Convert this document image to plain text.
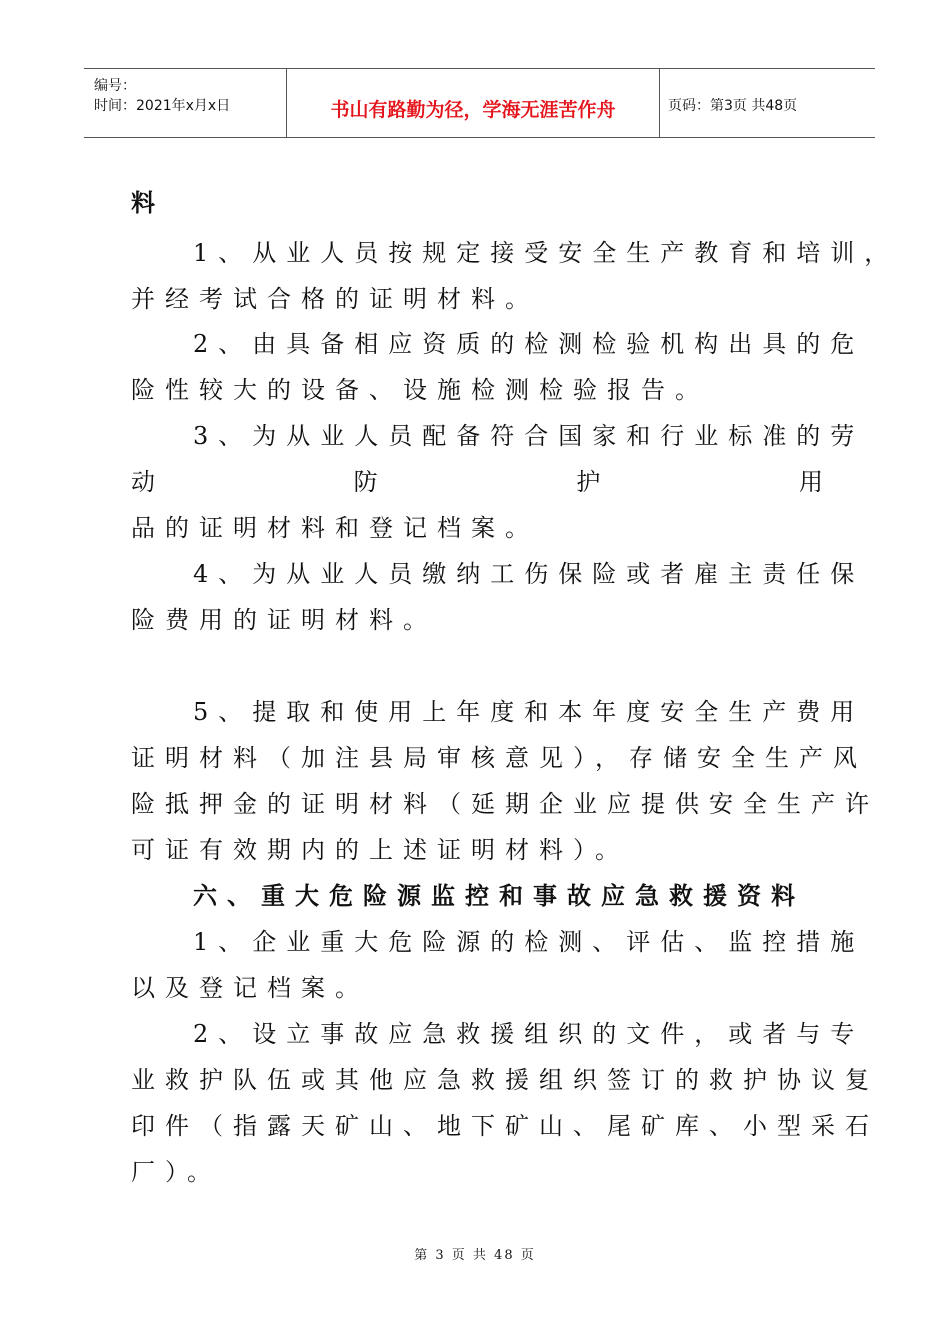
编号：
时间：2021年x月x日	书山有路勤为径，学海无涯苦作舟	页码：第3页 共48页
料
1、从业人员按规定接受安全生产教育和培训，
并经考试合格的证明材料。
2、由具备相应资质的检测检验机构出具的危
险性较大的设备、设施检测检验报告。
3、为从业人员配备符合国家和行业标准的劳
动	防	护	用
品的证明材料和登记档案。
4、为从业人员缴纳工伤保险或者雇主责任保
险费用的证明材料。
5、提取和使用上年度和本年度安全生产费用
证明材料（加注县局审核意见），存储安全生产风
险抵押金的证明材料（延期企业应提供安全生产许
可证有效期内的上述证明材料）。
六、重大危险源监控和事故应急救援资料
1、企业重大危险源的检测、评估、监控措施
以及登记档案。
2、设立事故应急救援组织的文件，或者与专
业救护队伍或其他应急救援组织签订的救护协议复
印件（指露天矿山、地下矿山、尾矿库、小型采石
厂）。
第 3 页 共 48 页
